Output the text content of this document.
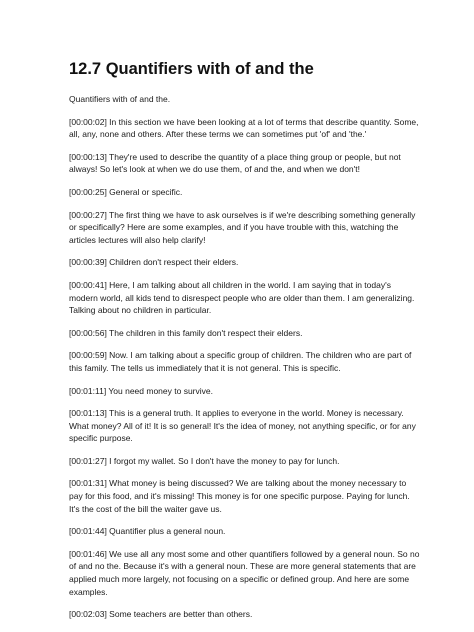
12.7 Quantifiers with of and the

Quantifiers with of and the.

[00:00:02] In this section we have been looking at a lot of terms that describe quantity. Some, all, any, none and others. After these terms we can sometimes put 'of' and 'the.'

[00:00:13] They're used to describe the quantity of a place thing group or people, but not always! So let's look at when we do use them, of and the, and when we don't!

[00:00:25] General or specific.

[00:00:27] The first thing we have to ask ourselves is if we're describing something generally or specifically? Here are some examples, and if you have trouble with this, watching the articles lectures will also help clarify!

[00:00:39] Children don't respect their elders.

[00:00:41] Here, I am talking about all children in the world. I am saying that in today's modern world, all kids tend to disrespect people who are older than them. I am generalizing. Talking about no children in particular.

[00:00:56] The children in this family don't respect their elders.

[00:00:59] Now. I am talking about a specific group of children. The children who are part of this family. The tells us immediately that it is not general. This is specific.

[00:01:11] You need money to survive.

[00:01:13] This is a general truth. It applies to everyone in the world. Money is necessary. What money? All of it! It is so general! It's the idea of money, not anything specific, or for any specific purpose.

[00:01:27] I forgot my wallet. So I don't have the money to pay for lunch.

[00:01:31] What money is being discussed? We are talking about the money necessary to pay for this food, and it's missing! This money is for one specific purpose. Paying for lunch. It's the cost of the bill the waiter gave us.

[00:01:44] Quantifier plus a general noun.

[00:01:46] We use all any most some and other quantifiers followed by a general noun. So no of and no the. Because it's with a general noun. These are more general statements that are applied much more largely, not focusing on a specific or defined group. And here are some examples.

[00:02:03] Some teachers are better than others.
